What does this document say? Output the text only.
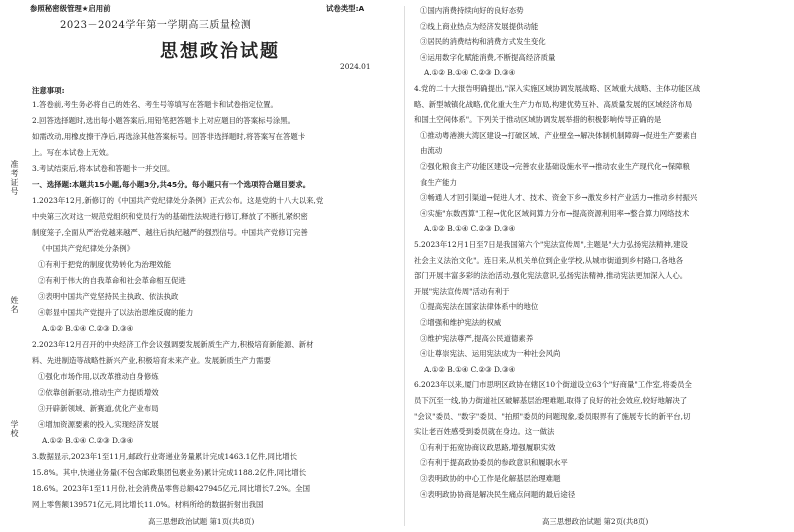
准考证号
姓名
学校
参照秘密级管理★启用前	试卷类型:A
2023－2024学年第一学期高三质量检测
思想政治试题
2024.01
注意事项:
1.答卷前,考生务必将自己的姓名、考生号等填写在答题卡和试卷指定位置。
2.回答选择题时,选出每小题答案后,用铅笔把答题卡上对应题目的答案标号涂黑。
如需改动,用橡皮擦干净后,再选涂其他答案标号。回答非选择题时,将答案写在答题卡
上。写在本试卷上无效。
3.考试结束后,将本试卷和答题卡一并交回。
一、选择题:本题共15小题,每小题3分,共45分。每小题只有一个选项符合题目要求。
1.2023年12月,新修订的《中国共产党纪律处分条例》正式公布。这是党的十八大以来,党
中央第三次对这一规范党组织和党员行为的基础性法规进行修订,释放了不断扎紧织密
制度笼子,全面从严治党越来越严、越往后执纪越严的强烈信号。中国共产党修订完善
《中国共产党纪律处分条例》
①有利于把党的制度优势转化为治理效能
②有利于伟大的自我革命和社会革命相互促进
③表明中国共产党坚持民主执政、依法执政
④彰显中国共产党提升了以法治思维反腐的能力
A.①② B.①④ C.②③ D.③④
2.2023年12月召开的中央经济工作会议强调要发展新质生产力,积极培育新能源、新材
料、先进制造等战略性新兴产业,积极培育未来产业。发展新质生产力需要
①强化市场作用,以改革推动自身修炼
②依靠创新驱动,推动生产力提质增效
③开辟新领域、新赛道,优化产业布局
④增加资源要素的投入,实现经济发展
A.①② B.①④ C.②③ D.③④
3.数据显示,2023年1至11月,邮政行业寄递业务量累计完成1463.1亿件,同比增长
15.8%。其中,快递业务量(不包含邮政集团包裹业务)累计完成1188.2亿件,同比增长
18.6%。2023年1至11月份,社会消费品零售总额427945亿元,同比增长7.2%。全国
网上零售额139571亿元,同比增长11.0%。材料所给的数据折射出我国
高三思想政治试题 第1页(共8页)
①国内消费持续向好的良好态势
②线上商业热点为经济发展提供动能
③居民的消费结构和消费方式发生变化
④运用数字化赋能消费,不断提高经济质量
A.①② B.①④ C.②③ D.③④
4.党的二十大报告明确提出,"深入实施区域协调发展战略、区域重大战略、主体功能区战
略、新型城镇化战略,优化重大生产力布局,构建优势互补、高质量发展的区域经济布局
和国土空间体系"。下列关于推动区域协调发展举措的积极影响传导正确的是
①推动粤港澳大湾区建设→打破区域、产业壁垒→解决体制机制障碍→促进生产要素自
由流动
②强化粮食主产功能区建设→完善农业基础设施水平→推动农业生产现代化→保障粮
食生产能力
③畅通人才回引渠道→促进人才、技术、资金下乡→激发乡村产业活力→推动乡村振兴
④实施"东数西算"工程→优化区域间算力分布→提高资源利用率→整合算力网络技术
A.①② B.①④ C.②③ D.③④
5.2023年12月1日至7日是我国第六个"宪法宣传周",主题是"大力弘扬宪法精神,建设
社会主义法治文化"。连日来,从机关单位到企业学校,从城市街道到乡村路口,各地各
部门开展丰富多彩的法治活动,强化宪法意识,弘扬宪法精神,推动宪法更加深入人心。
开展"宪法宣传周"活动有利于
①提高宪法在国家法律体系中的地位
②增强和维护宪法的权威
③维护宪法尊严,提高公民道德素养
④让尊崇宪法、运用宪法成为一种社会风尚
A.①② B.①④ C.②③ D.③④
6.2023年以来,厦门市思明区政协在辖区10个街道设立63个"好商量"工作室,将委员全
员下沉至一线,协力街道社区破解基层治理难题,取得了良好的社会效应,较好地解决了
"会议"委员、"数字"委员、"拍照"委员的问题现象,委员眼界有了施展专长的新平台,切
实让老百姓感受到委员就在身边。这一做法
①有利于拓宽协商议政思路,增强履职实效
②有利于提高政协委员的参政意识和履职水平
③表明政协的中心工作是化解基层治理难题
④表明政协协商是解决民生痛点问题的最后途径
高三思想政治试题 第2页(共8页)
